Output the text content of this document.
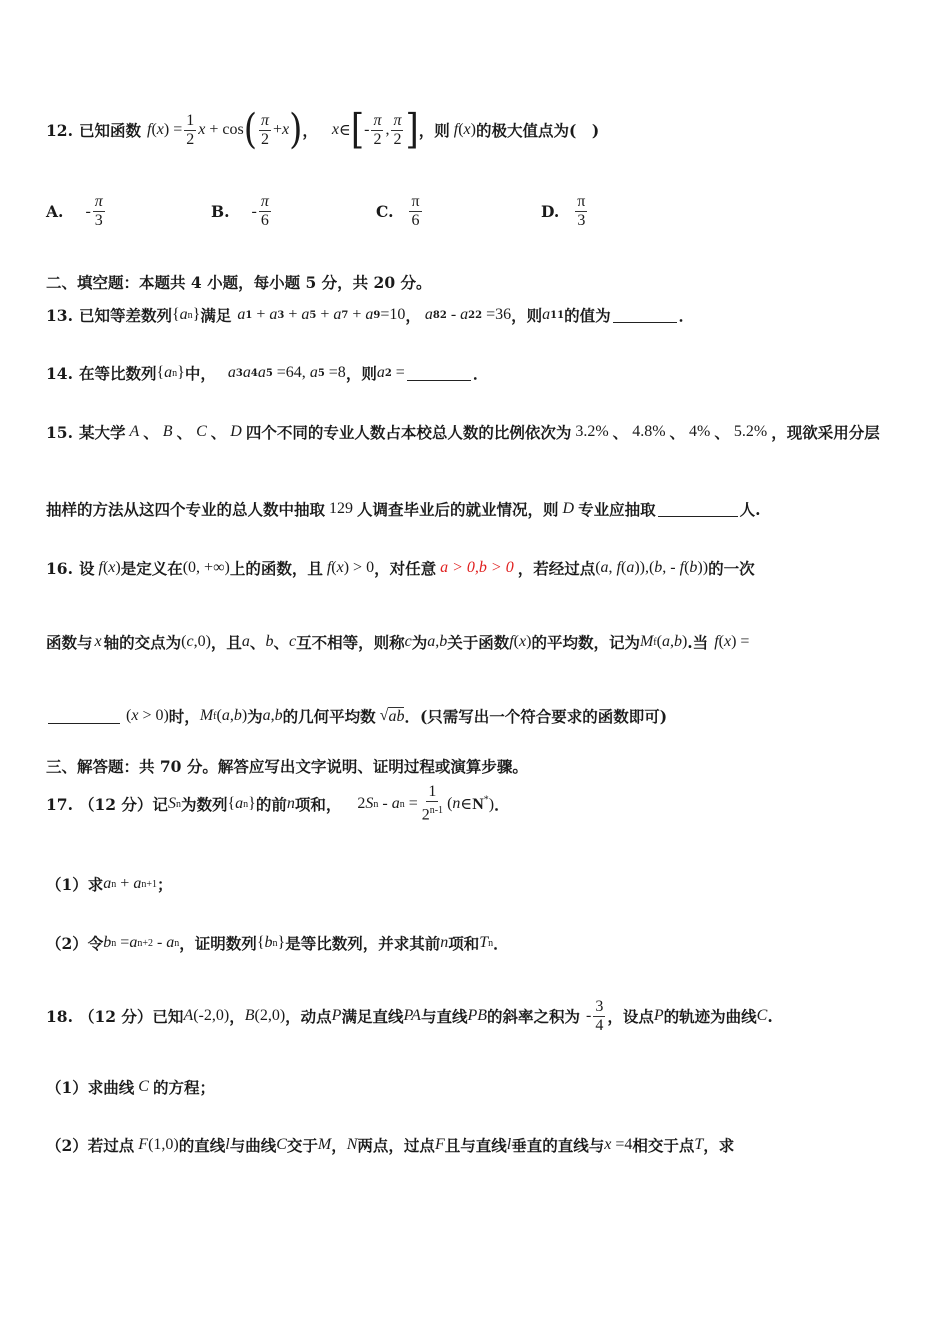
12. 已知函数 f ( x ) = $\frac{1}{2}$ x + cos ( $\frac{\pi}{2} + x$ ) ， x ∈ [ - $\frac{\pi}{2}$ , $\frac{\pi}{2}$ ] ，则 f ( x ) 的极大值点为(　)
A. - $\frac{\pi}{3}$	B. - $\frac{\pi}{6}$	C. $\frac{\pi}{6}$	D. $\frac{\pi}{3}$
二、填空题：本题共 4 小题，每小题 5 分，共 20 分。
13. 已知等差数列 { a n } 满足 a 1 + a 3 + a 5 + a 7 + a 9 =10 ， a 8 2 - a 2 2 =36 ，则 a 11 的值为	．
14. 在等比数列 { a n } 中， a 3 a 4 a 5 =64, a 5 =8 ，则 a 2 =	．
15. 某大学 A 、 B 、 C 、 D 四个不同的专业人数占本校总人数的比例依次为 3.2% 、 4.8% 、 4% 、 5.2% ，现欲采用分层
抽样的方法从这四个专业的总人数中抽取 129 人调查毕业后的就业情况，则 D 专业应抽取	人.
16. 设 f ( x ) 是定义在 (0, +∞) 上的函数，且 f ( x ) > 0 ，对任意 a > 0,b > 0 ，若经过点 ( a , f ( a )),( b , - f ( b )) 的一次
函数与 x 轴的交点为 ( c ,0) ，且 a 、 b 、 c 互不相等，则称 c 为 a , b 关于函数 f ( x ) 的平均数，记为 M f ( a , b ) .当 f ( x ) =
( x > 0) 时， M f ( a , b ) 为 a , b 的几何平均数 √ ab ．(只需写出一个符合要求的函数即可)
三、解答题：共 70 分。解答应写出文字说明、证明过程或演算步骤。
17. （12 分）记 S n 为数列 { a n } 的前 n 项和， 2 S n - a $n = \frac{1}{2^{n-1}}$ ( n ∈N*) ．
（1）求 a n + a n+1 ；
（2）令 b n = a n+2 - a n ，证明数列 { b n } 是等比数列，并求其前 n 项和 T n ．
18. （12 分）已知 A (-2,0) ， B (2,0) ，动点 P 满足直线 PA 与直线 PB 的斜率之积为 - $\frac{3}{4}$ ，设点 P 的轨迹为曲线 C .
（1）求曲线 C 的方程；
（2）若过点 F (1,0) 的直线 l 与曲线 C 交于 M ， N 两点，过点 F 且与直线 l 垂直的直线与 x =4 相交于点 T ，求
